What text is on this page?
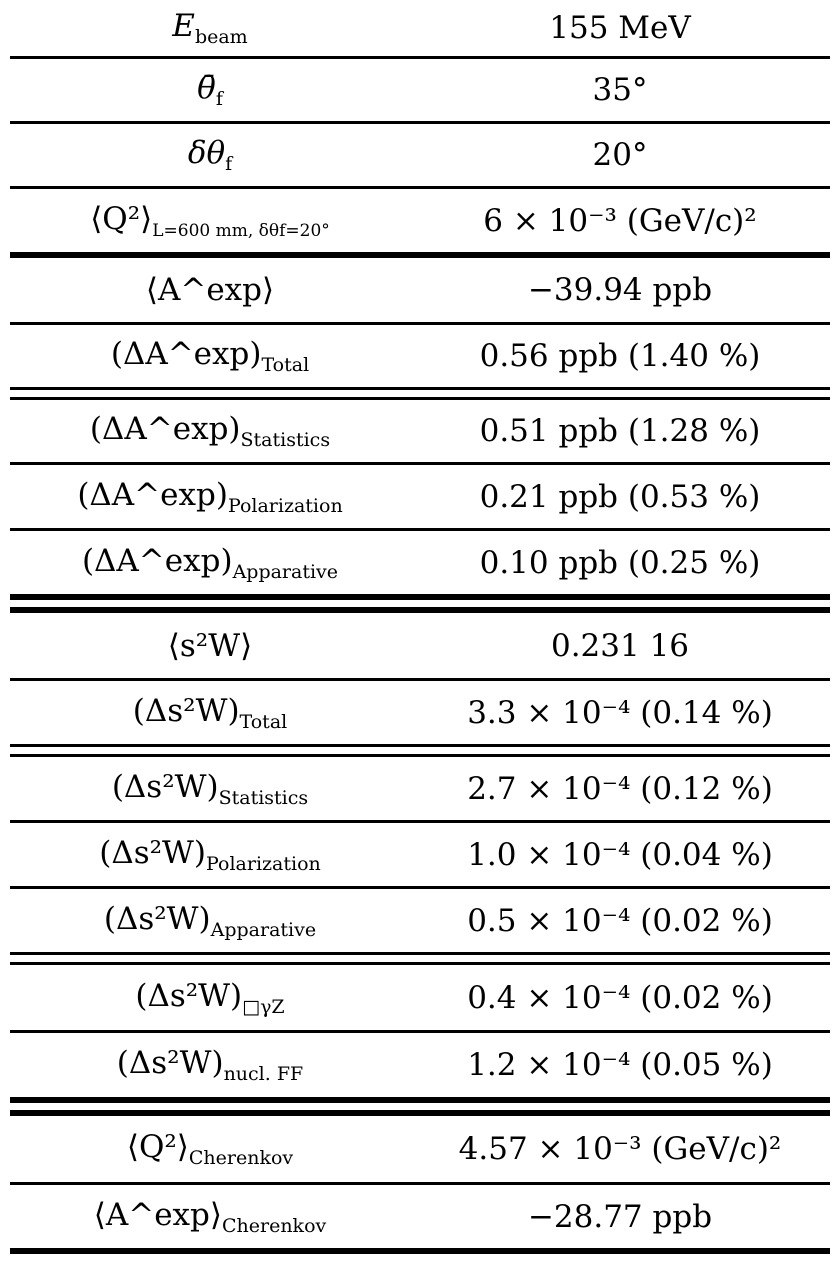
$E_{beam}$	155 MeV
$\thetā_f$	35°
$\delta\theta_f$	20°
$⟨Q^2⟩_{L=600 mm, \delta\theta f=20^\circ}$	6 × 10⁻³ (GeV/c)²
⟨A^exp⟩	−39.94 ppb
$(\Delta A\^{}\exp)_{Total}$	0.56 ppb (1.40 %)
$(\Delta A\^{}\exp)_{Statistics}$	0.51 ppb (1.28 %)
$(\Delta A\^{}\exp)_{Polarization}$	0.21 ppb (0.53 %)
$(\Delta A\^{}\exp)_{Apparative}$	0.10 ppb (0.25 %)
⟨s²W⟩	0.231 16
$(\Delta s^2W)_{Total}$	3.3 × 10⁻⁴ (0.14 %)
$(\Delta s^2W)_{Statistics}$	2.7 × 10⁻⁴ (0.12 %)
$(\Delta s^2W)_{Polarization}$	1.0 × 10⁻⁴ (0.04 %)
$(\Delta s^2W)_{Apparative}$	0.5 × 10⁻⁴ (0.02 %)
$(\Delta s^2W)_{□\gamma Z}$	0.4 × 10⁻⁴ (0.02 %)
$(\Delta s^2W)_{nucl. FF}$	1.2 × 10⁻⁴ (0.05 %)
$⟨Q^2⟩_{Cherenkov}$	4.57 × 10⁻³ (GeV/c)²
$⟨A\^{}\exp⟩_{Cherenkov}$	−28.77 ppb
